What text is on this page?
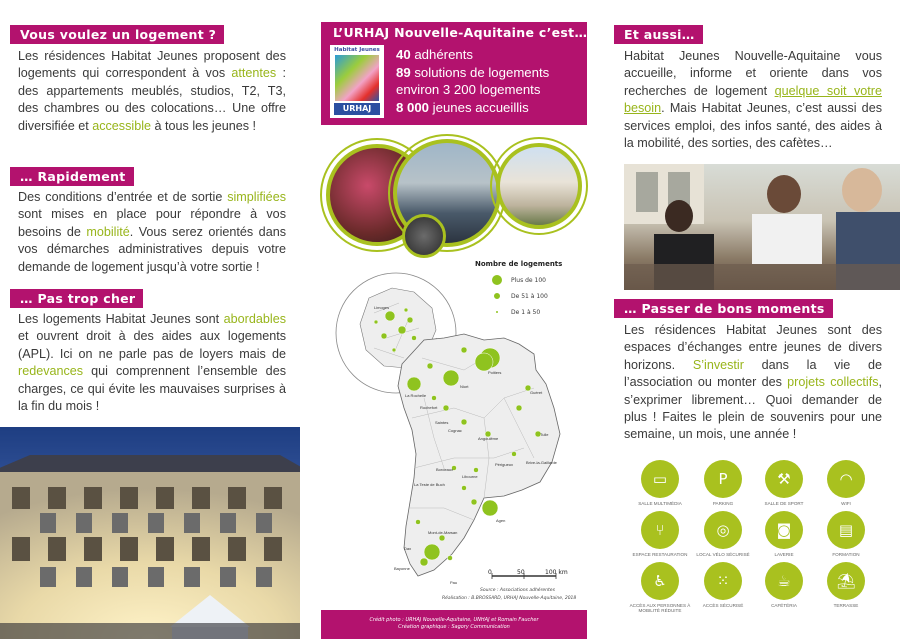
Vous voulez un logement ?

Les résidences Habitat Jeunes proposent des logements qui correspondent à vos attentes : des appartements meublés, studios, T2, T3, des chambres ou des colocations… Une offre diversifiée et accessible à tous les jeunes !

… Rapidement

Des conditions d’entrée et de sortie simplifiées sont mises en place pour répondre à vos besoins de mobilité. Vous serez orientés dans vos démarches administratives depuis votre demande de logement jusqu’à votre sortie !

… Pas trop cher

Les logements Habitat Jeunes sont abordables et ouvrent droit à des aides aux logements (APL). Ici on ne parle pas de loyers mais de redevances qui comprennent l’ensemble des charges, ce qui évite les mauvaises surprises à la fin du mois !

L’URHAJ Nouvelle-Aquitaine c’est…
Habitat Jeunes
URHAJ
40 adhérents
89 solutions de logements
environ 3 200 logements
8 000 jeunes accueillis
Limoges
Poitiers
Niort
La Rochelle
Rochefort
Saintes
Cognac
Angoulême
Périgueux
Bordeaux
Libourne
La Teste de Buch
Mont-de-Marsan
Dax
Bayonne
Pau
Agen
Tulle
Guéret
Brive-la-Gaillarde
Nombre de logements
Plus de 100
De 51 à 100
De 1 à 50
0	50	100 km
Source : Associations adhérentes
Réalisation : B.BROSSARD, URHAJ Nouvelle-Aquitaine, 2018
Crédit photo : URHAJ Nouvelle-Aquitaine, UNHAJ et Romain Faucher
Création graphique : Sagory Communication
Et aussi…

Habitat Jeunes Nouvelle-Aquitaine vous accueille, informe et oriente dans vos recherches de logement quelque soit votre besoin. Mais Habitat Jeunes, c’est aussi des services emploi, des infos santé, des aides à la mobilité, des sorties, des cafètes…

… Passer de bons moments

Les résidences Habitat Jeunes sont des espaces d’échanges entre jeunes de divers horizons. S’investir dans la vie de l’association ou monter des projets collectifs, s’exprimer librement… Quoi demander de plus ! Faites le plein de souvenirs pour une semaine, un mois, une année !

▭
SALLE MULTIMÉDIA
P
PARKING
⚒
SALLE DE SPORT
◠
WIFI
⑂
ESPACE RESTAURATION
◎
LOCAL VÉLO SÉCURISÉ
◙
LAVERIE
▤
FORMATION
♿
ACCÈS AUX PERSONNES À MOBILITÉ RÉDUITE
⁙
ACCÈS SÉCURISÉ
☕
CAFÉTÉRIA
⛱
TERRASSE
